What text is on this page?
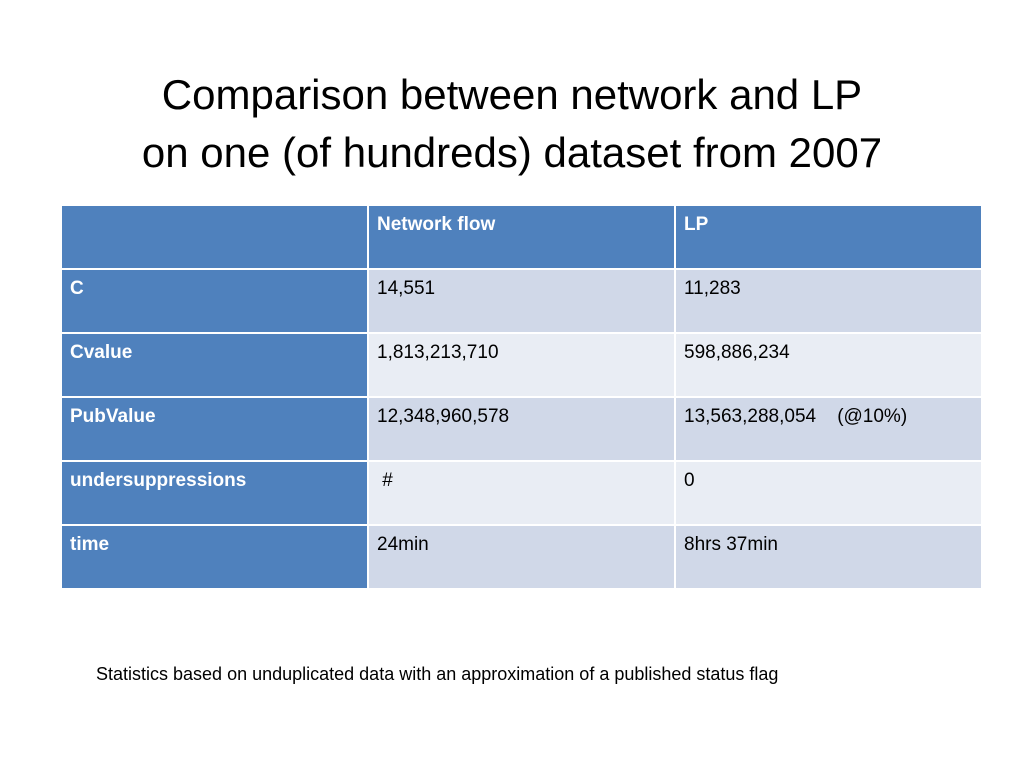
Comparison between network and LP
on one (of hundreds) dataset from 2007
	Network flow	LP
C	14,551	11,283
Cvalue	1,813,213,710	598,886,234
PubValue	12,348,960,578	13,563,288,054    (@10%)
undersuppressions	#	0
time	24min	8hrs 37min
Statistics based on unduplicated data with an approximation of a published status flag
